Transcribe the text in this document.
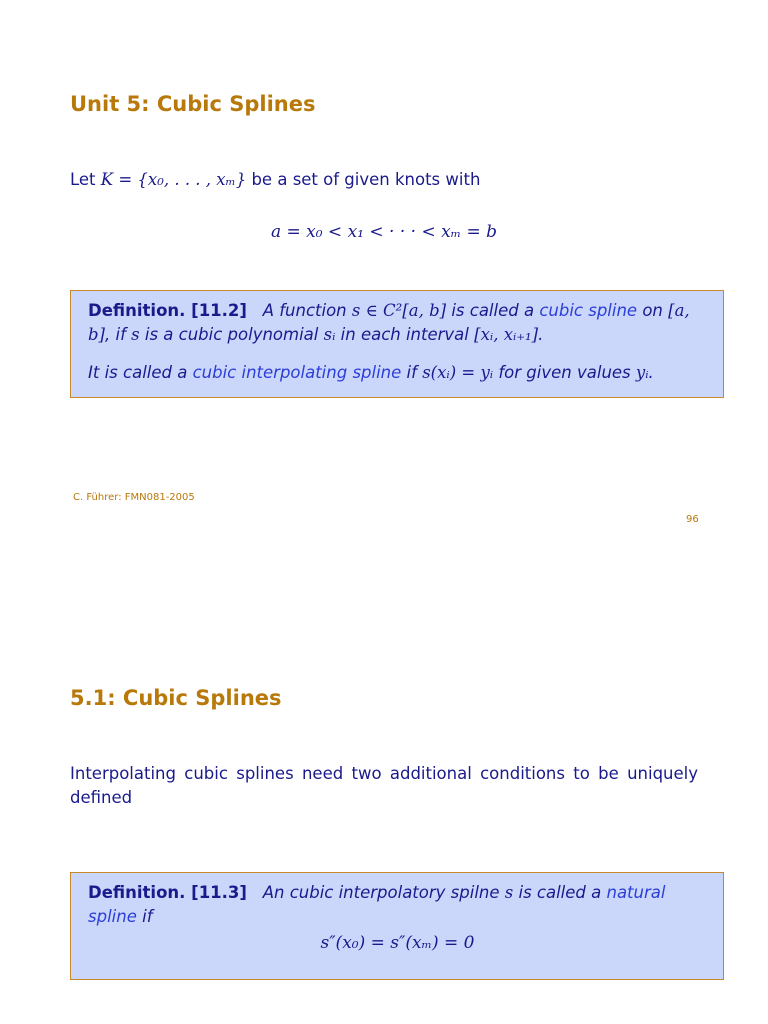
Unit 5: Cubic Splines

Let K = {x₀, . . . , xₘ} be a set of given knots with

a = x₀ < x₁ < · · · < xₘ = b

Definition. [11.2] A function s ∈ C²[a, b] is called a cubic spline on [a, b], if s is a cubic polynomial sᵢ in each interval [xᵢ, xᵢ₊₁].

It is called a cubic interpolating spline if s(xᵢ) = yᵢ for given values yᵢ.

C. Führer: FMN081-2005
96
5.1: Cubic Splines

Interpolating cubic splines need two additional conditions to be uniquely defined

Definition. [11.3] An cubic interpolatory spilne s is called a natural spline if

s″(x₀) = s″(xₘ) = 0
